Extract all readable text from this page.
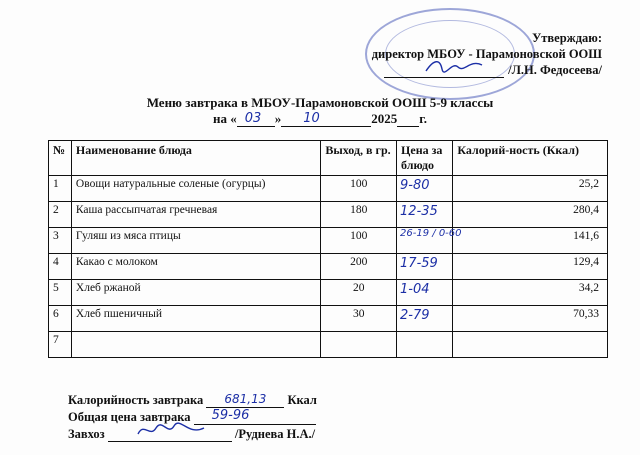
Утверждаю:
директор МБОУ - Парамоновской ООШ
/Л.Н. Федосеева/
Меню завтрака в МБОУ-Парамоновской ООШ 5-9 классы
на « 03 » 10	2025 г.
№	Наименование блюда	Выход, в гр.	Цена за блюдо	Калорий-ность (Ккал)
1	Овощи натуральные соленые (огурцы)	100	9-80	25,2
2	Каша рассыпчатая гречневая	180	12-35	280,4
3	Гуляш из мяса птицы	100	26-19 / 0-60	141,6
4	Какао с молоком	200	17-59	129,4
5	Хлеб ржаной	20	1-04	34,2
6	Хлеб пшеничный	30	2-79	70,33
7			

Калорийность завтрака 681,13 Ккал
Общая цена завтрака 59-96
Завхоз	/Руднева Н.А./
